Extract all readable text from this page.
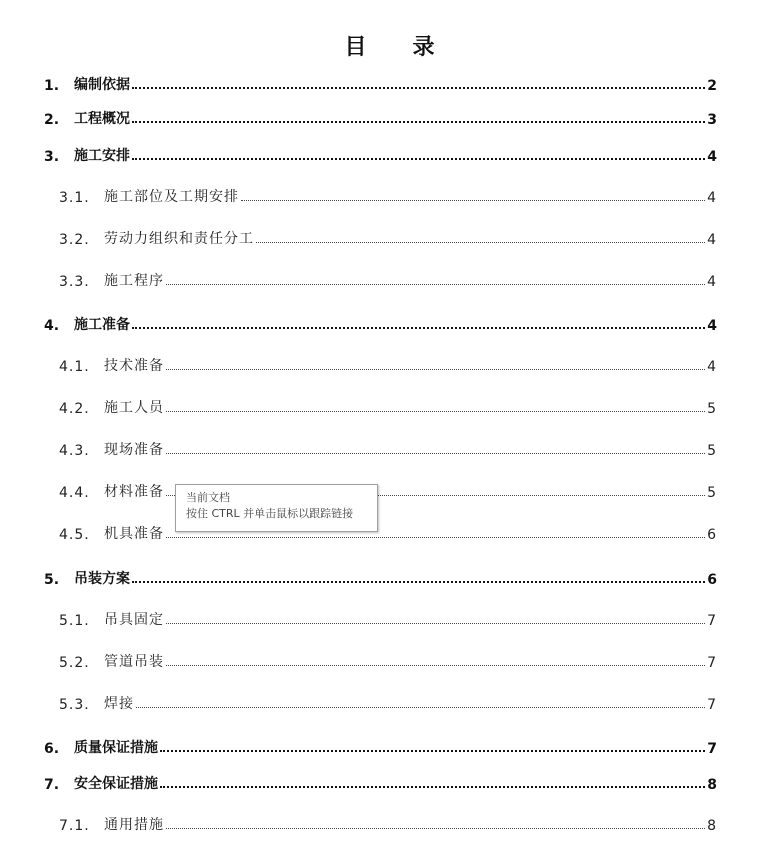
目 录
1.	编制依据	2
2.	工程概况	3
3.	施工安排	4
3.1.	施工部位及工期安排	4
3.2.	劳动力组织和责任分工	4
3.3.	施工程序	4
4.	施工准备	4
4.1.	技术准备	4
4.2.	施工人员	5
4.3.	现场准备	5
4.4.	材料准备	5
4.5.	机具准备	6
5.	吊装方案	6
5.1.	吊具固定	7
5.2.	管道吊装	7
5.3.	焊接	7
6.	质量保证措施	7
7.	安全保证措施	8
7.1.	通用措施	8
当前文档
按住 CTRL 并单击鼠标以跟踪链接
